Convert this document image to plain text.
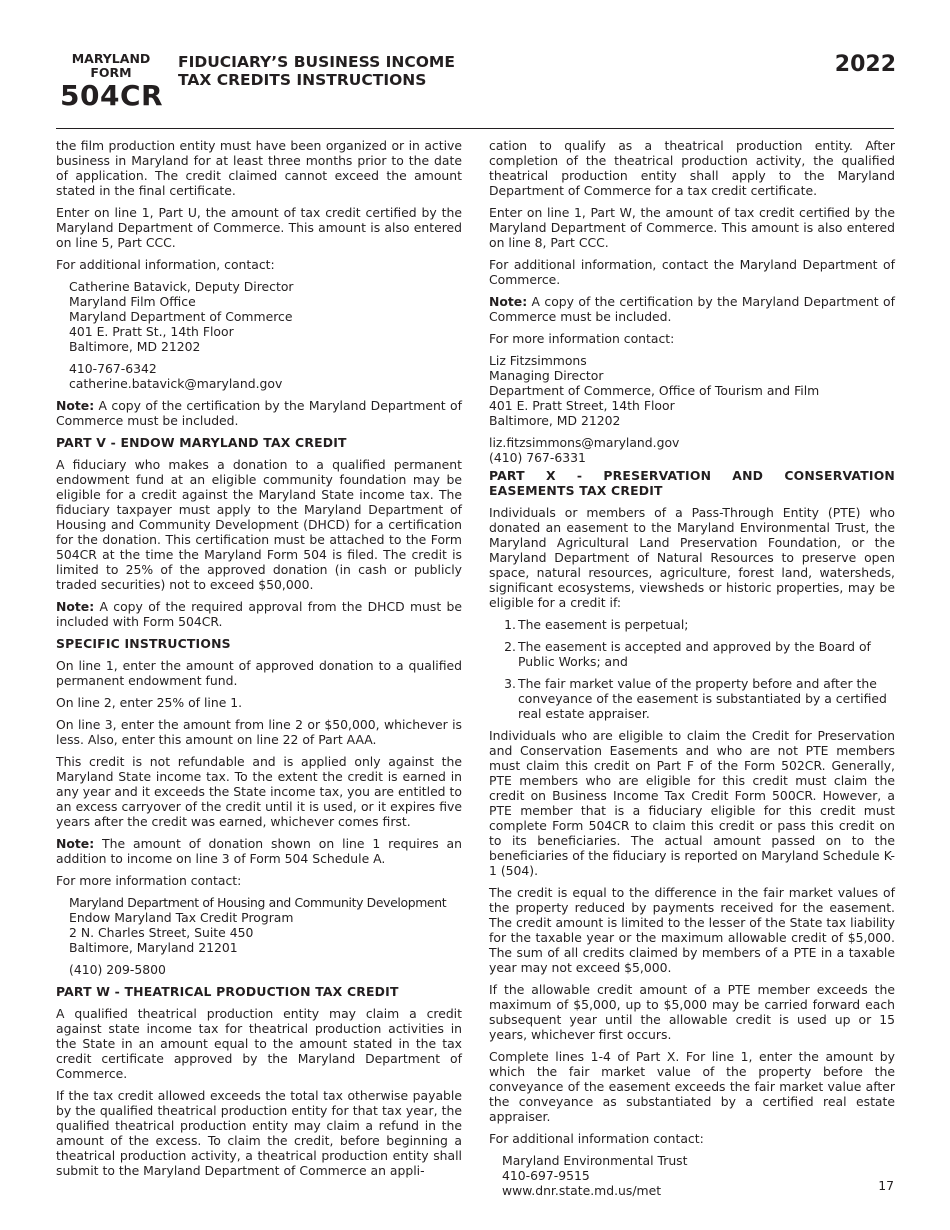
MARYLAND
FORM
504CR
FIDUCIARY’S BUSINESS INCOME
TAX CREDITS INSTRUCTIONS
2022

the film production entity must have been organized or in active business in Maryland for at least three months prior to the date of application. The credit claimed cannot exceed the amount stated in the final certificate.

Enter on line 1, Part U, the amount of tax credit certified by the Maryland Department of Commerce. This amount is also entered on line 5, Part CCC.

For additional information, contact:

Catherine Batavick, Deputy Director
Maryland Film Office
Maryland Department of Commerce
401 E. Pratt St., 14th Floor
Baltimore, MD 21202
410-767-6342
catherine.batavick@maryland.gov

Note: A copy of the certification by the Maryland Department of Commerce must be included.

PART V - ENDOW MARYLAND TAX CREDIT

A fiduciary who makes a donation to a qualified permanent endowment fund at an eligible community foundation may be eligible for a credit against the Maryland State income tax. The fiduciary taxpayer must apply to the Maryland Department of Housing and Community Development (DHCD) for a certification for the donation. This certification must be attached to the Form 504CR at the time the Maryland Form 504 is filed. The credit is limited to 25% of the approved donation (in cash or publicly traded securities) not to exceed $50,000.

Note: A copy of the required approval from the DHCD must be included with Form 504CR.

SPECIFIC INSTRUCTIONS

On line 1, enter the amount of approved donation to a qualified permanent endowment fund.

On line 2, enter 25% of line 1.

On line 3, enter the amount from line 2 or $50,000, whichever is less. Also, enter this amount on line 22 of Part AAA.

This credit is not refundable and is applied only against the Maryland State income tax. To the extent the credit is earned in any year and it exceeds the State income tax, you are entitled to an excess carryover of the credit until it is used, or it expires five years after the credit was earned, whichever comes first.

Note: The amount of donation shown on line 1 requires an addition to income on line 3 of Form 504 Schedule A.

For more information contact:

Maryland Department of Housing and Community Development
Endow Maryland Tax Credit Program
2 N. Charles Street, Suite 450
Baltimore, Maryland 21201
(410) 209-5800
PART W - THEATRICAL PRODUCTION TAX CREDIT

A qualified theatrical production entity may claim a credit against state income tax for theatrical production activities in the State in an amount equal to the amount stated in the tax credit certificate approved by the Maryland Department of Commerce.

If the tax credit allowed exceeds the total tax otherwise payable by the qualified theatrical production entity for that tax year, the qualified theatrical production entity may claim a refund in the amount of the excess. To claim the credit, before beginning a theatrical production activity, a theatrical production entity shall submit to the Maryland Department of Commerce an appli-

cation to qualify as a theatrical production entity. After completion of the theatrical production activity, the qualified theatrical production entity shall apply to the Maryland Department of Commerce for a tax credit certificate.

Enter on line 1, Part W, the amount of tax credit certified by the Maryland Department of Commerce. This amount is also entered on line 8, Part CCC.

For additional information, contact the Maryland Department of Commerce.

Note: A copy of the certification by the Maryland Department of Commerce must be included.

For more information contact:

Liz Fitzsimmons
Managing Director
Department of Commerce, Office of Tourism and Film
401 E. Pratt Street, 14th Floor
Baltimore, MD 21202
liz.fitzsimmons@maryland.gov
(410) 767-6331
PART X - PRESERVATION AND CONSERVATION EASEMENTS TAX CREDIT

Individuals or members of a Pass-Through Entity (PTE) who donated an easement to the Maryland Environmental Trust, the Maryland Agricultural Land Preservation Foundation, or the Maryland Department of Natural Resources to preserve open space, natural resources, agriculture, forest land, watersheds, significant ecosystems, viewsheds or historic properties, may be eligible for a credit if:

1. The easement is perpetual;
2. The easement is accepted and approved by the Board of Public Works; and
3. The fair market value of the property before and after the conveyance of the easement is substantiated by a certified real estate appraiser.

Individuals who are eligible to claim the Credit for Preservation and Conservation Easements and who are not PTE members must claim this credit on Part F of the Form 502CR. Generally, PTE members who are eligible for this credit must claim the credit on Business Income Tax Credit Form 500CR. However, a PTE member that is a fiduciary eligible for this credit must complete Form 504CR to claim this credit or pass this credit on to its beneficiaries. The actual amount passed on to the beneficiaries of the fiduciary is reported on Maryland Schedule K-1 (504).

The credit is equal to the difference in the fair market values of the property reduced by payments received for the easement. The credit amount is limited to the lesser of the State tax liability for the taxable year or the maximum allowable credit of $5,000. The sum of all credits claimed by members of a PTE in a taxable year may not exceed $5,000.

If the allowable credit amount of a PTE member exceeds the maximum of $5,000, up to $5,000 may be carried forward each subsequent year until the allowable credit is used up or 15 years, whichever first occurs.

Complete lines 1-4 of Part X. For line 1, enter the amount by which the fair market value of the property before the conveyance of the easement exceeds the fair market value after the conveyance as substantiated by a certified real estate appraiser.

For additional information contact:

Maryland Environmental Trust
410-697-9515
www.dnr.state.md.us/met	17
